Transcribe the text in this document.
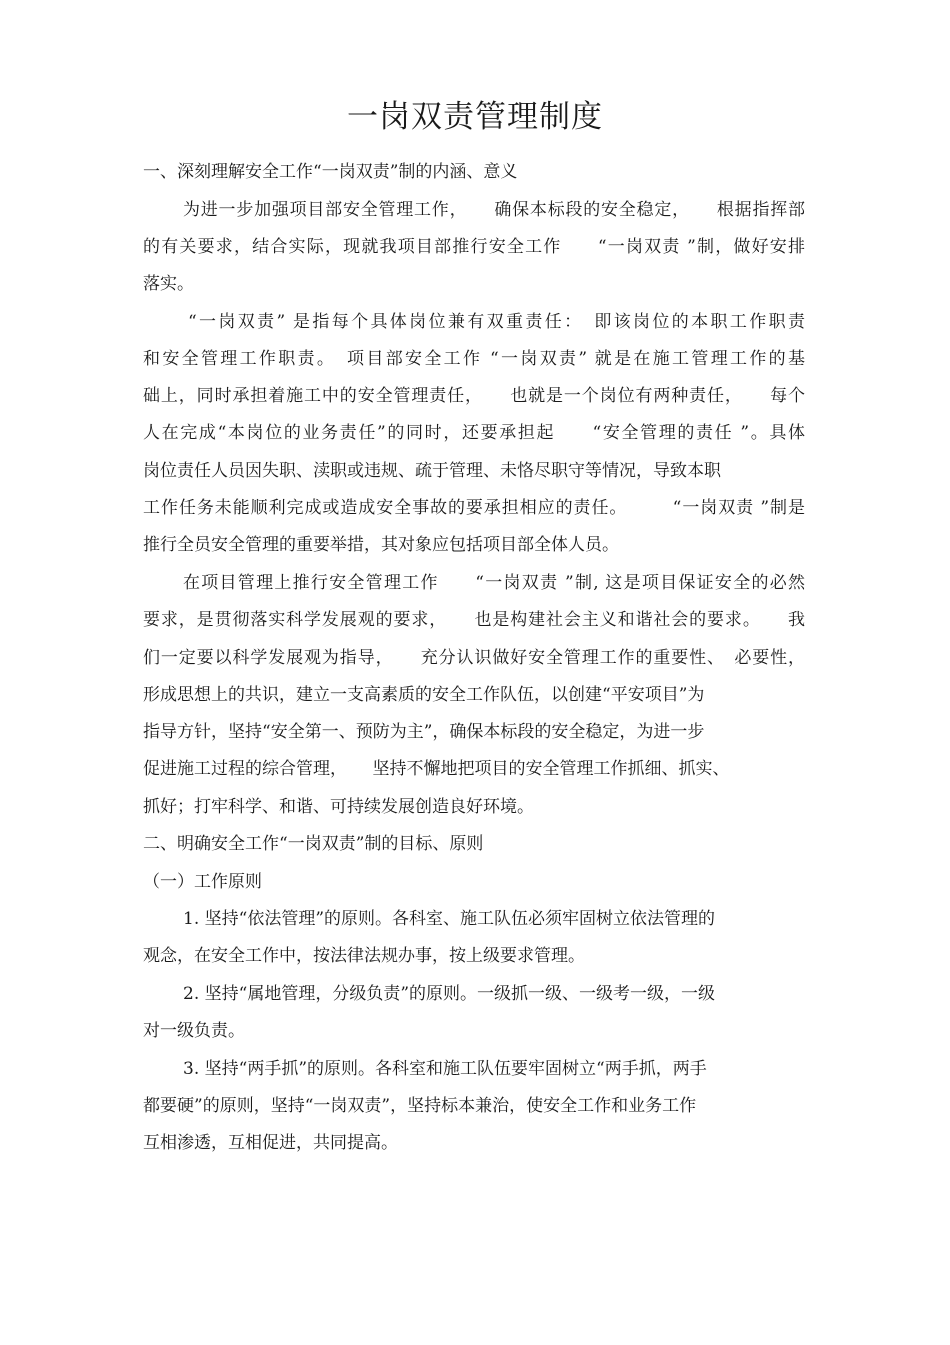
一岗双责管理制度
一、深刻理解安全工作“一岗双责”制的内涵、意义
为进一步加强项目部安全管理工作，　　确保本标段的安全稳定，　　根据指挥部
的有关要求，结合实际，现就我项目部推行安全工作　　“一岗双责 ”制，做好安排
落实。
“一岗双责” 是指每个具体岗位兼有双重责任：　即该岗位的本职工作职责
和安全管理工作职责。　项目部安全工作 “一岗双责” 就是在施工管理工作的基
础上，同时承担着施工中的安全管理责任，　　也就是一个岗位有两种责任，　　每个
人在完成“本岗位的业务责任”的同时，还要承担起　　“安全管理的责任 ”。具体
岗位责任人员因失职、渎职或违规、疏于管理、未恪尽职守等情况，导致本职
工作任务未能顺利完成或造成安全事故的要承担相应的责任。　　　“一岗双责 ”制是
推行全员安全管理的重要举措，其对象应包括项目部全体人员。
在项目管理上推行安全管理工作　　“一岗双责 ”制, 这是项目保证安全的必然
要求，是贯彻落实科学发展观的要求，　　也是构建社会主义和谐社会的要求。　　我
们一定要以科学发展观为指导，　　充分认识做好安全管理工作的重要性、　必要性，
形成思想上的共识，建立一支高素质的安全工作队伍，以创建“平安项目”为
指导方针，坚持“安全第一、预防为主”，确保本标段的安全稳定，为进一步
促进施工过程的综合管理，　　坚持不懈地把项目的安全管理工作抓细、抓实、
抓好；打牢科学、和谐、可持续发展创造良好环境。
二、明确安全工作“一岗双责”制的目标、原则
（一）工作原则
1. 坚持“依法管理”的原则。各科室、施工队伍必须牢固树立依法管理的
观念，在安全工作中，按法律法规办事，按上级要求管理。
2. 坚持“属地管理，分级负责”的原则。一级抓一级、一级考一级，一级
对一级负责。
3. 坚持“两手抓”的原则。各科室和施工队伍要牢固树立“两手抓，两手
都要硬”的原则，坚持“一岗双责”，坚持标本兼治，使安全工作和业务工作
互相渗透，互相促进，共同提高。
